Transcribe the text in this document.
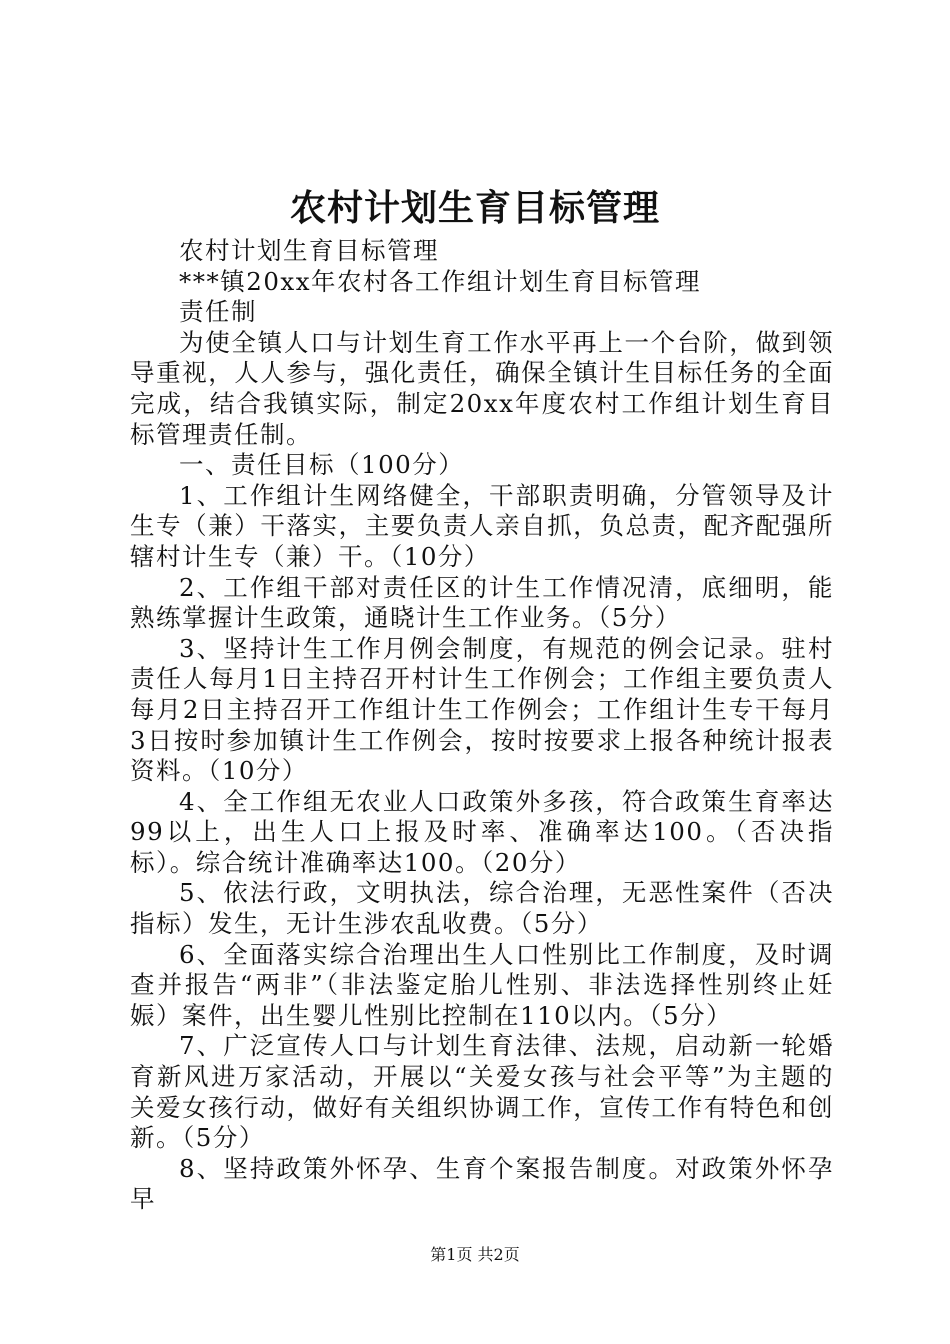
农村计划生育目标管理

农村计划生育目标管理

***镇20xx年农村各工作组计划生育目标管理

责任制

为使全镇人口与计划生育工作水平再上一个台阶，做到领导重视，人人参与，强化责任，确保全镇计生目标任务的全面完成，结合我镇实际，制定20xx年度农村工作组计划生育目标管理责任制。

一、责任目标（100分）

1、工作组计生网络健全，干部职责明确，分管领导及计生专（兼）干落实，主要负责人亲自抓，负总责，配齐配强所辖村计生专（兼）干。（10分）

2、工作组干部对责任区的计生工作情况清，底细明，能熟练掌握计生政策，通晓计生工作业务。（5分）

3、坚持计生工作月例会制度，有规范的例会记录。驻村责任人每月1日主持召开村计生工作例会；工作组主要负责人每月2日主持召开工作组计生工作例会；工作组计生专干每月3日按时参加镇计生工作例会，按时按要求上报各种统计报表资料。（10分）

4、全工作组无农业人口政策外多孩，符合政策生育率达99以上，出生人口上报及时率、准确率达100。（否决指标）。综合统计准确率达100。（20分）

5、依法行政，文明执法，综合治理，无恶性案件（否决指标）发生，无计生涉农乱收费。（5分）

6、全面落实综合治理出生人口性别比工作制度，及时调查并报告“两非”（非法鉴定胎儿性别、非法选择性别终止妊娠）案件，出生婴儿性别比控制在110以内。（5分）

7、广泛宣传人口与计划生育法律、法规，启动新一轮婚育新风进万家活动，开展以“关爱女孩与社会平等”为主题的关爱女孩行动，做好有关组织协调工作，宣传工作有特色和创新。（5分）

8、坚持政策外怀孕、生育个案报告制度。对政策外怀孕早

第1页 共2页
